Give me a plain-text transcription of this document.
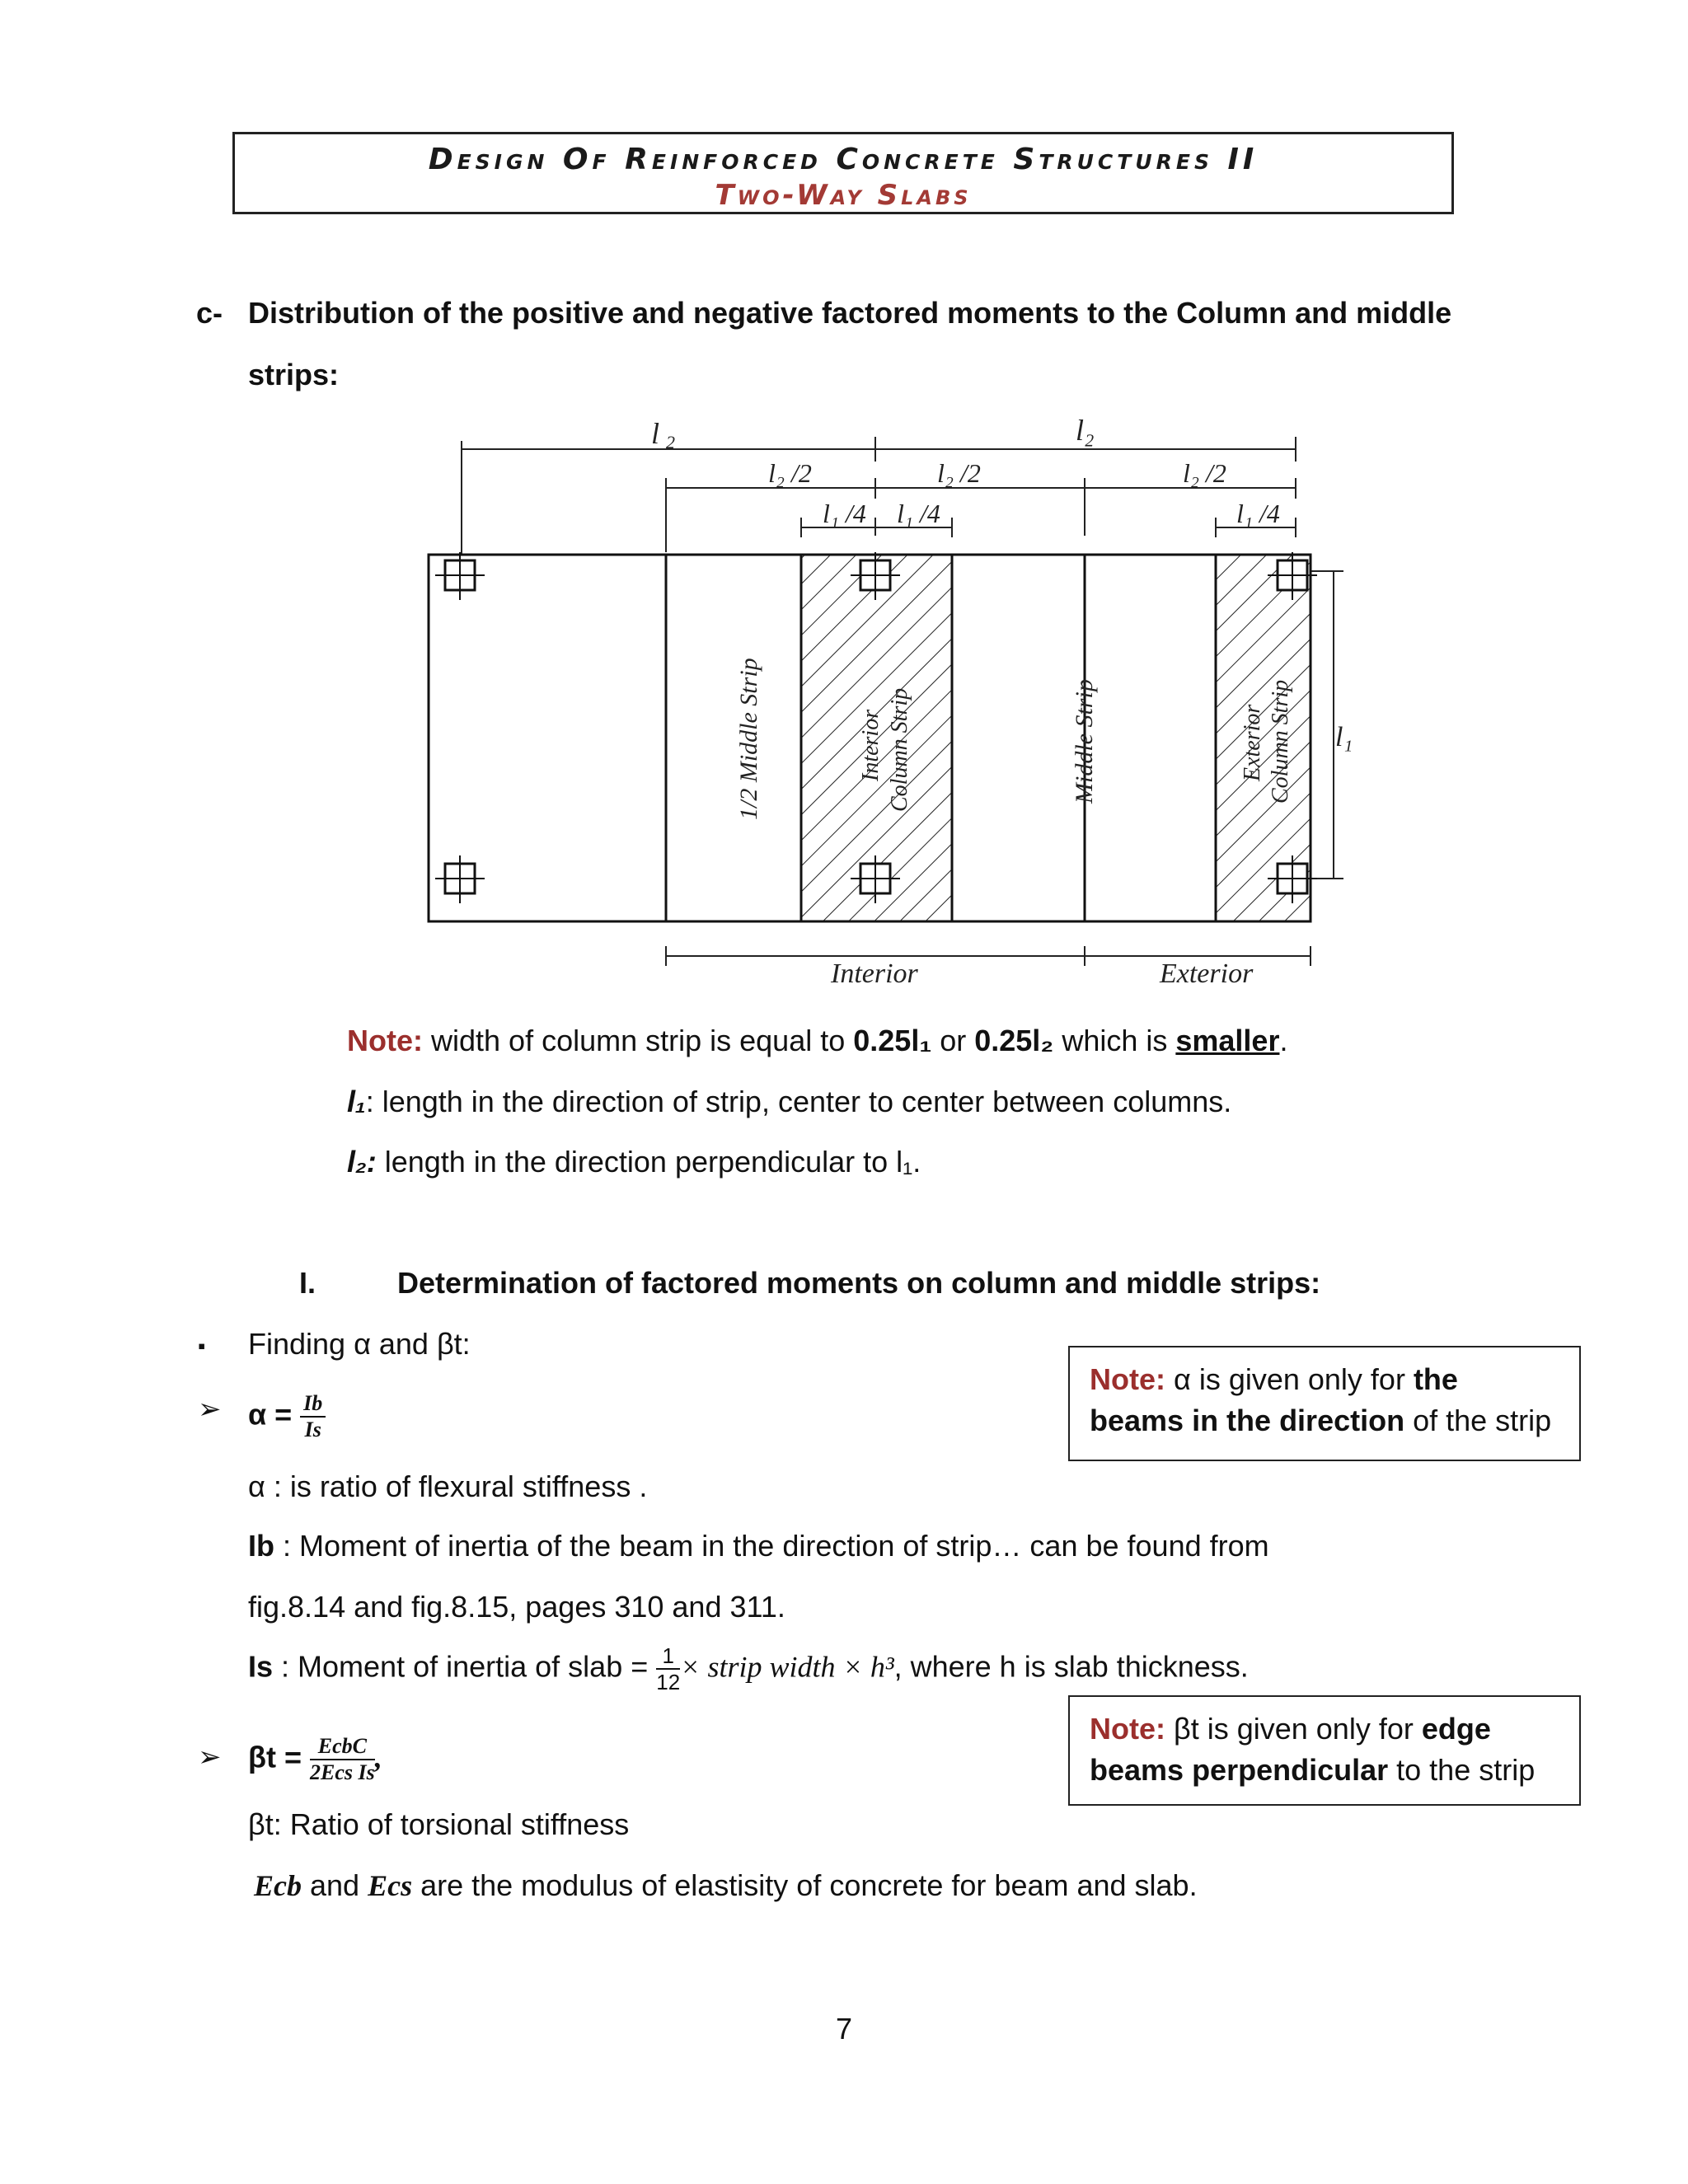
Design Of Reinforced Concrete Structures II
Two-Way Slabs
c- Distribution of the positive and negative factored moments to the Column and middle
strips:
l 2	l₂
l₂ /2	l₂ /2	l₂ /2
l₁ /4 l₁ /4	l₁ /4
1/2 Middle Strip	Interior Column Strip	Middle Strip	Exterior Column Strip l₁
Interior	Exterior
Note: width of column strip is equal to 0.25l₁ or 0.25l₂ which is smaller.
l₁: length in the direction of strip, center to center between columns.
l₂: length in the direction perpendicular to l₁.
I.	Determination of factored moments on column and middle strips:
▪ Finding α and βt:
➢ $\alpha = \frac{Ib}{Is}$
α : is ratio of flexural stiffness .
Ib : Moment of inertia of the beam in the direction of strip… can be found from
fig.8.14 and fig.8.15, pages 310 and 311.
Is : Moment of inertia of slab = $\frac{1}{12}$ × strip width × h³, where h is slab thickness.
➢ $\beta t = \frac{\text{EcbC}}{\text{2Ecs Is}}$ ,
βt: Ratio of torsional stiffness
Ecb and Ecs are the modulus of elastisity of concrete for beam and slab.
Note: α is given only for the
beams in the direction of the strip
Note: βt is given only for edge
beams perpendicular to the strip
7
